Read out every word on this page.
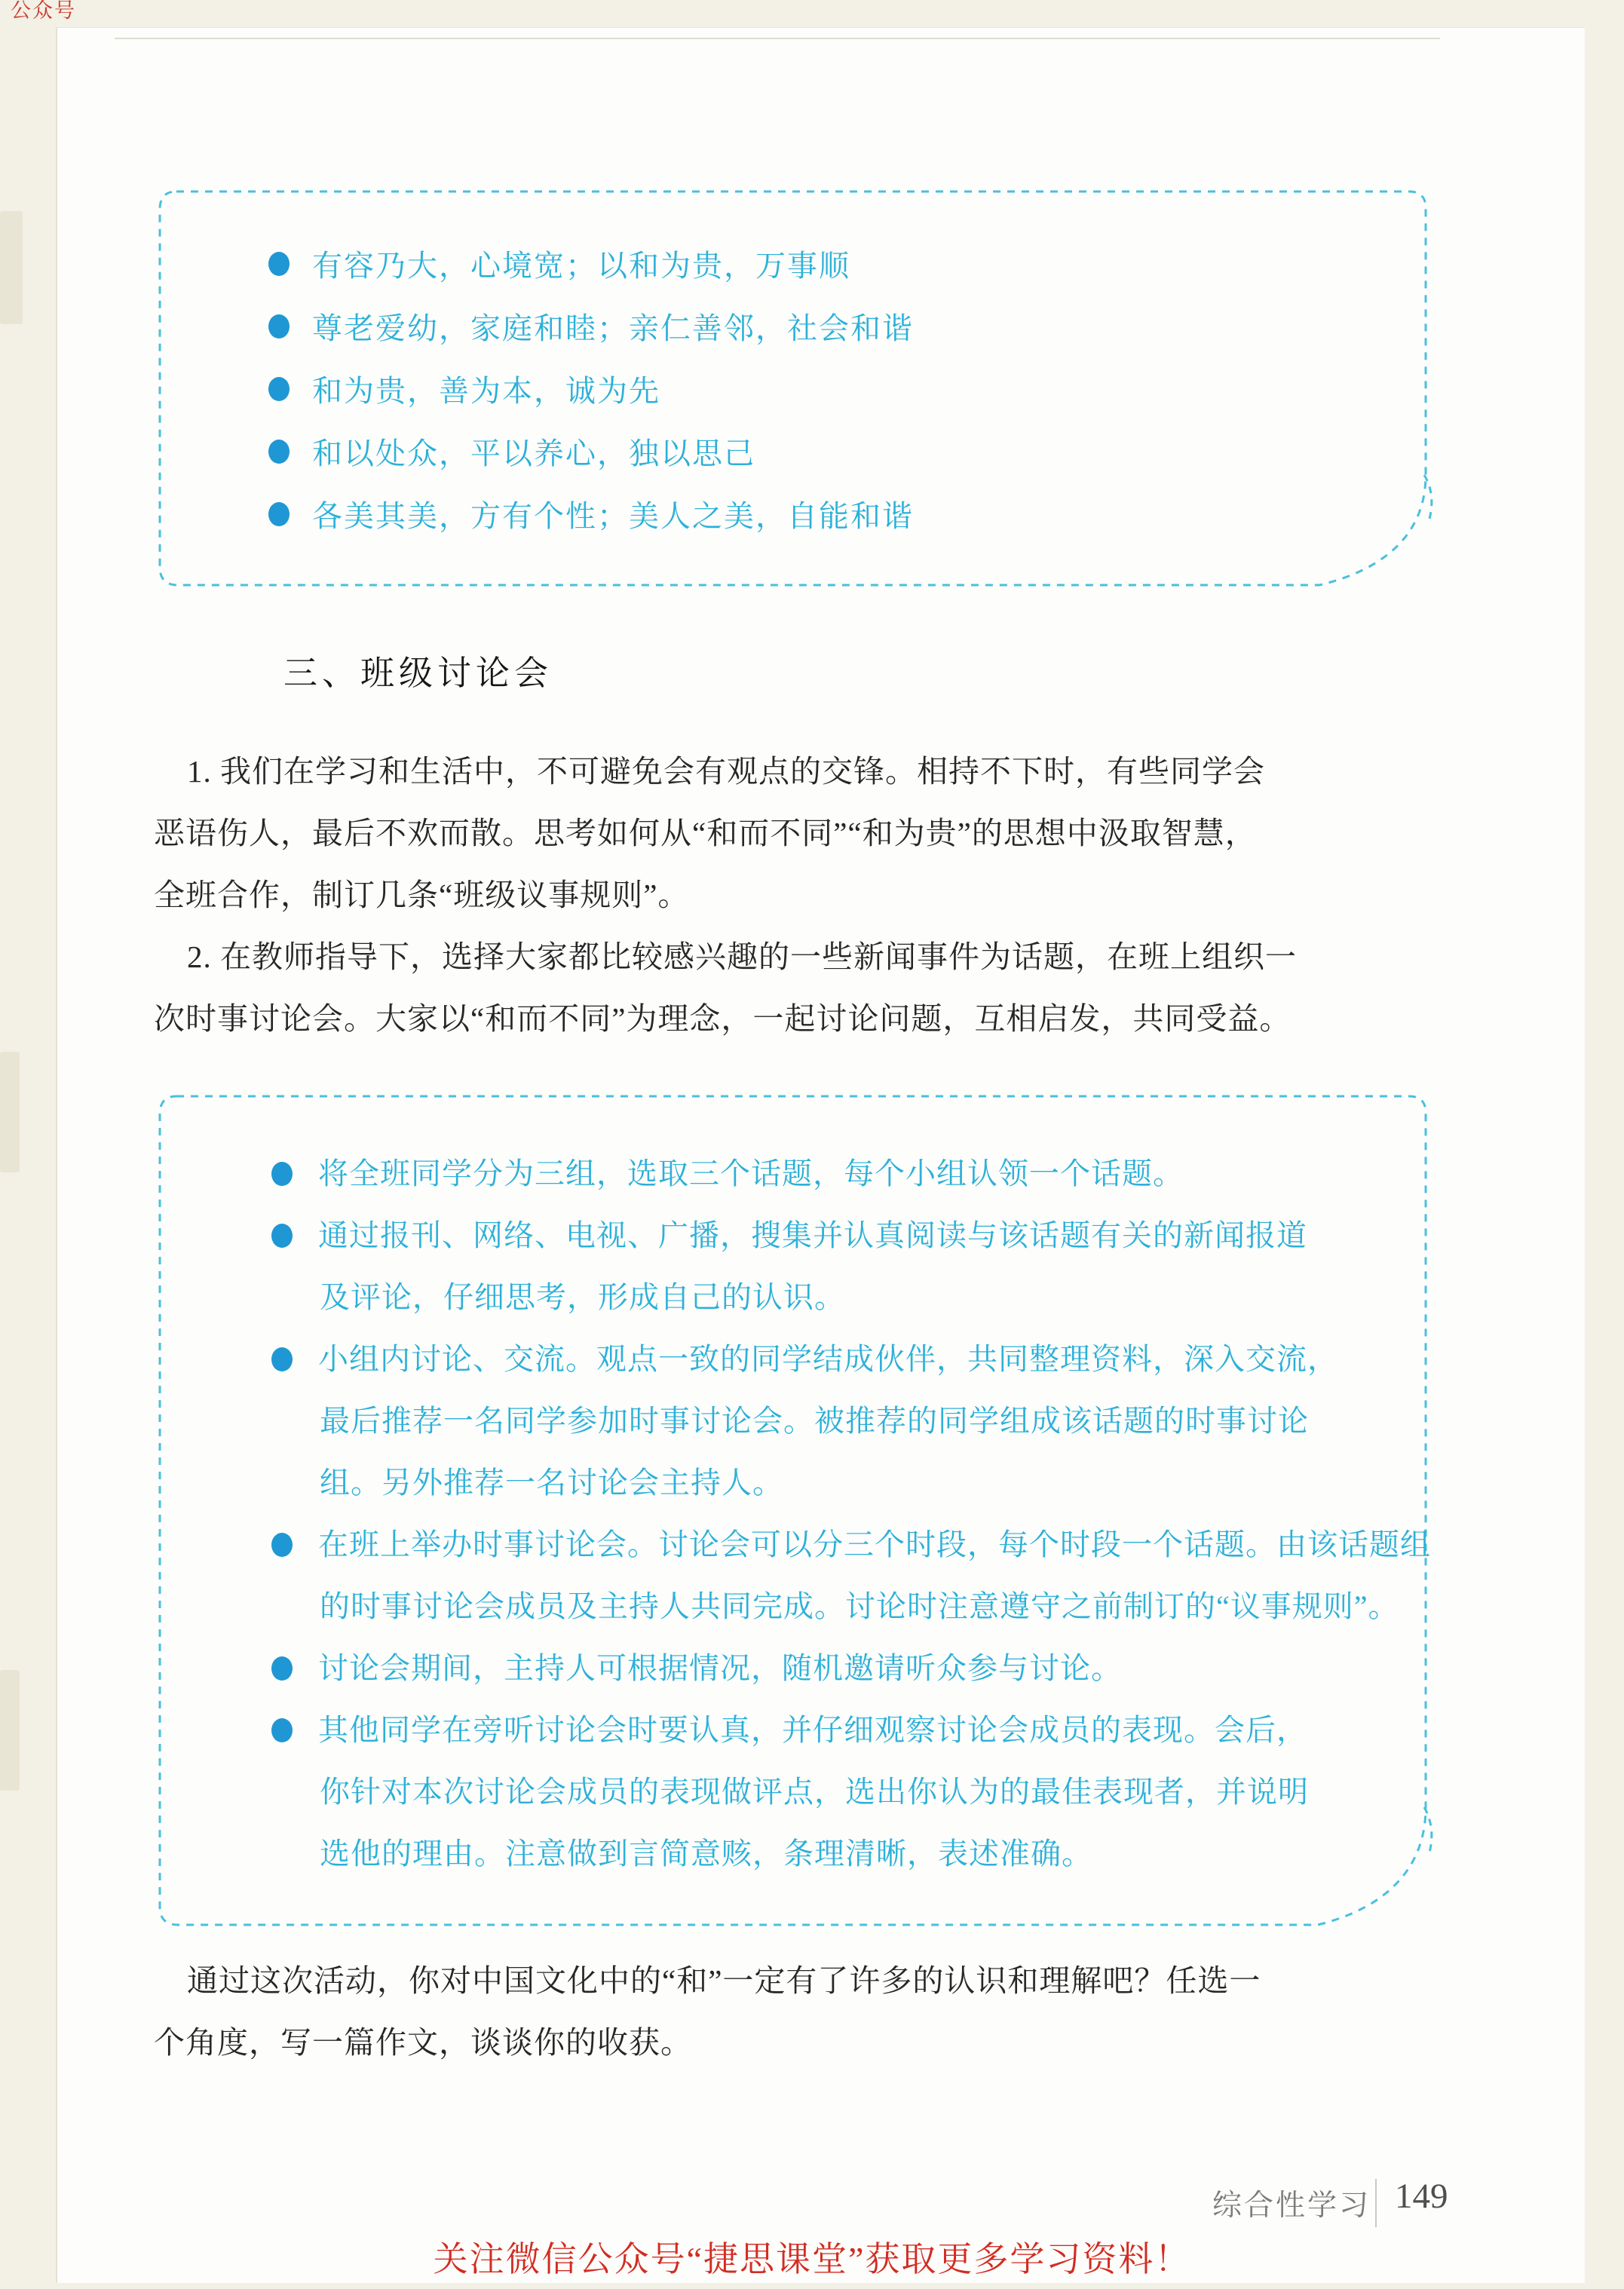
公众号
有容乃大，心境宽；以和为贵，万事顺
尊老爱幼，家庭和睦；亲仁善邻，社会和谐
和为贵，善为本，诚为先
和以处众，平以养心，独以思己
各美其美，方有个性；美人之美，自能和谐
三、班级讨论会
1. 我们在学习和生活中，不可避免会有观点的交锋。相持不下时，有些同学会
恶语伤人，最后不欢而散。思考如何从“和而不同”“和为贵”的思想中汲取智慧，
全班合作，制订几条“班级议事规则”。
2. 在教师指导下，选择大家都比较感兴趣的一些新闻事件为话题，在班上组织一
次时事讨论会。大家以“和而不同”为理念，一起讨论问题，互相启发，共同受益。
将全班同学分为三组，选取三个话题，每个小组认领一个话题。
通过报刊、网络、电视、广播，搜集并认真阅读与该话题有关的新闻报道
及评论，仔细思考，形成自己的认识。
小组内讨论、交流。观点一致的同学结成伙伴，共同整理资料，深入交流，
最后推荐一名同学参加时事讨论会。被推荐的同学组成该话题的时事讨论
组。另外推荐一名讨论会主持人。
在班上举办时事讨论会。讨论会可以分三个时段，每个时段一个话题。由该话题组
的时事讨论会成员及主持人共同完成。讨论时注意遵守之前制订的“议事规则”。
讨论会期间，主持人可根据情况，随机邀请听众参与讨论。
其他同学在旁听讨论会时要认真，并仔细观察讨论会成员的表现。会后，
你针对本次讨论会成员的表现做评点，选出你认为的最佳表现者，并说明
选他的理由。注意做到言简意赅，条理清晰，表述准确。
通过这次活动，你对中国文化中的“和”一定有了许多的认识和理解吧？任选一
个角度，写一篇作文，谈谈你的收获。
综合性学习 149
关注微信公众号“捷思课堂”获取更多学习资料！
